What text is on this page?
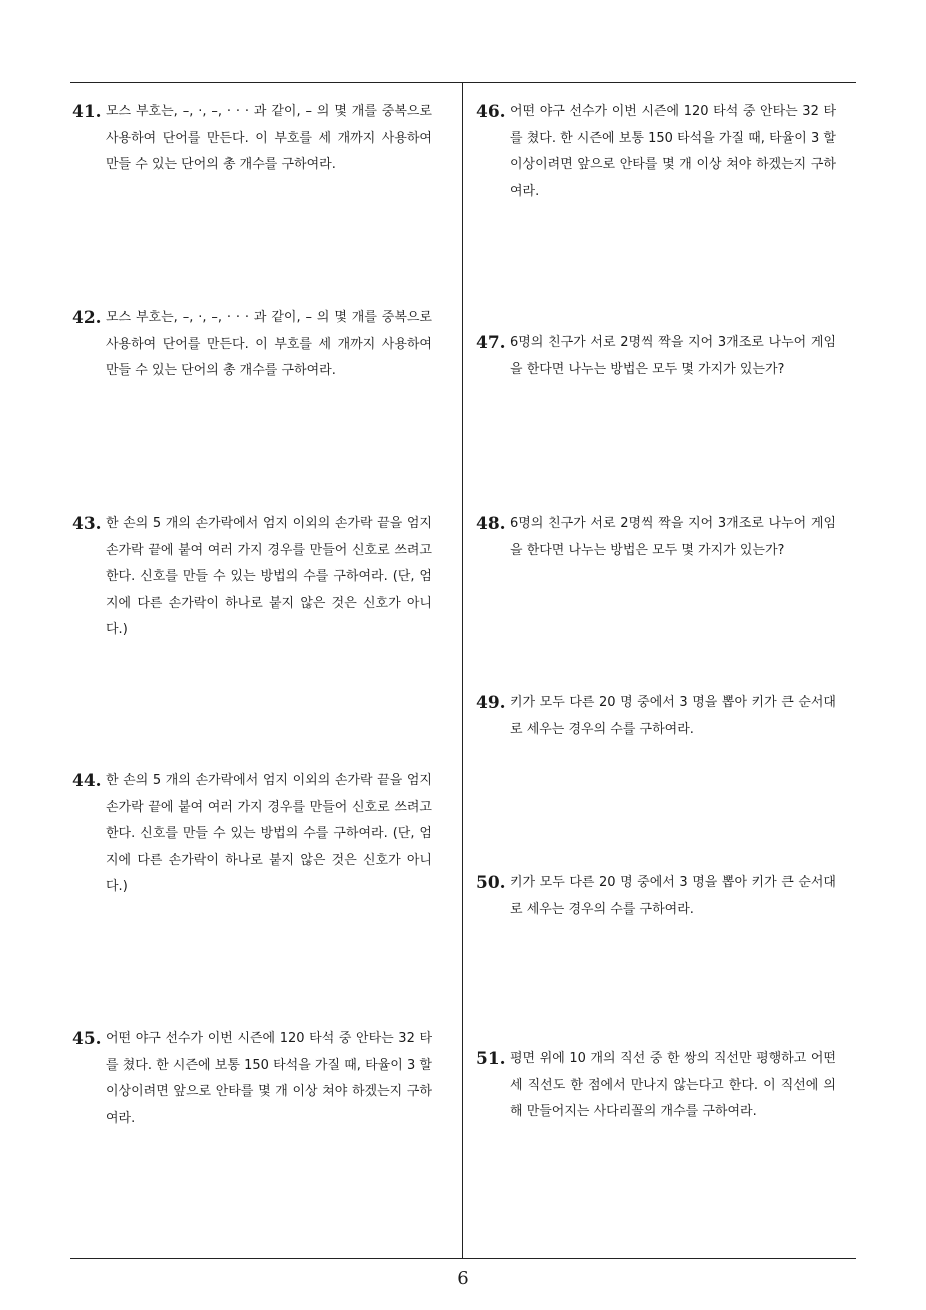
41. 모스 부호는, –, ·, –, · · · 과 같이, – 의 몇 개를 중복으로 사용하여 단어를 만든다. 이 부호를 세 개까지 사용하여 만들 수 있는 단어의 총 개수를 구하여라.
42. 모스 부호는, –, ·, –, · · · 과 같이, – 의 몇 개를 중복으로 사용하여 단어를 만든다. 이 부호를 세 개까지 사용하여 만들 수 있는 단어의 총 개수를 구하여라.
43. 한 손의 5 개의 손가락에서 엄지 이외의 손가락 끝을 엄지손가락 끝에 붙여 여러 가지 경우를 만들어 신호로 쓰려고 한다. 신호를 만들 수 있는 방법의 수를 구하여라. (단, 엄지에 다른 손가락이 하나로 붙지 않은 것은 신호가 아니다.)
44. 한 손의 5 개의 손가락에서 엄지 이외의 손가락 끝을 엄지손가락 끝에 붙여 여러 가지 경우를 만들어 신호로 쓰려고 한다. 신호를 만들 수 있는 방법의 수를 구하여라. (단, 엄지에 다른 손가락이 하나로 붙지 않은 것은 신호가 아니다.)
45. 어떤 야구 선수가 이번 시즌에 120 타석 중 안타는 32 타를 쳤다. 한 시즌에 보통 150 타석을 가질 때, 타율이 3 할 이상이려면 앞으로 안타를 몇 개 이상 쳐야 하겠는지 구하여라.
46. 어떤 야구 선수가 이번 시즌에 120 타석 중 안타는 32 타를 쳤다. 한 시즌에 보통 150 타석을 가질 때, 타율이 3 할 이상이려면 앞으로 안타를 몇 개 이상 쳐야 하겠는지 구하여라.
47. 6명의 친구가 서로 2명씩 짝을 지어 3개조로 나누어 게임을 한다면 나누는 방법은 모두 몇 가지가 있는가?
48. 6명의 친구가 서로 2명씩 짝을 지어 3개조로 나누어 게임을 한다면 나누는 방법은 모두 몇 가지가 있는가?
49. 키가 모두 다른 20 명 중에서 3 명을 뽑아 키가 큰 순서대로 세우는 경우의 수를 구하여라.
50. 키가 모두 다른 20 명 중에서 3 명을 뽑아 키가 큰 순서대로 세우는 경우의 수를 구하여라.
51. 평면 위에 10 개의 직선 중 한 쌍의 직선만 평행하고 어떤 세 직선도 한 점에서 만나지 않는다고 한다. 이 직선에 의해 만들어지는 사다리꼴의 개수를 구하여라.
6
